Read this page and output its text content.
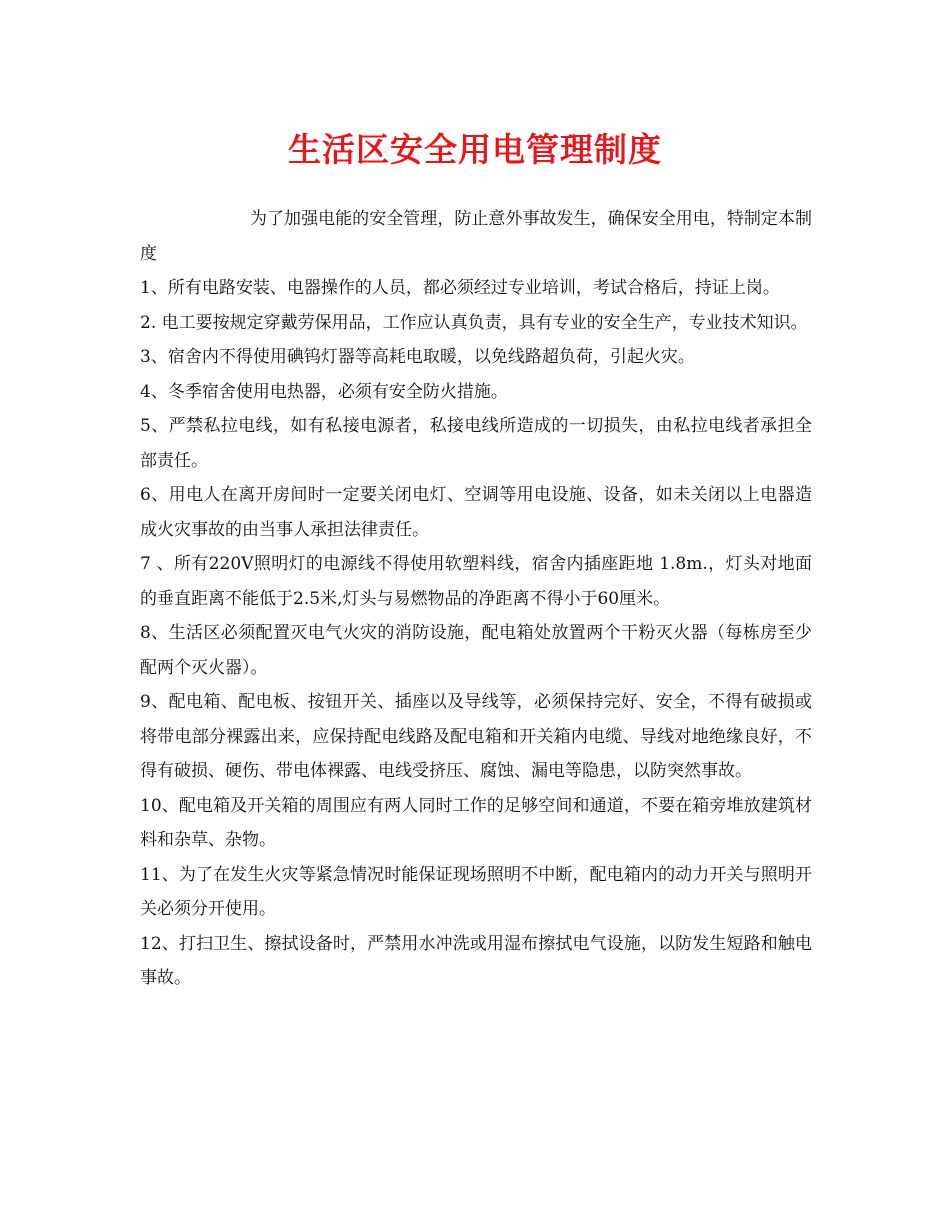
生活区安全用电管理制度

为了加强电能的安全管理，防止意外事故发生，确保安全用电，特制定本制度

1、所有电路安装、电器操作的人员，都必须经过专业培训，考试合格后，持证上岗。

2. 电工要按规定穿戴劳保用品，工作应认真负责，具有专业的安全生产，专业技术知识。

3、宿舍内不得使用碘钨灯器等高耗电取暖，以免线路超负荷，引起火灾。

4、冬季宿舍使用电热器，必须有安全防火措施。

5、严禁私拉电线，如有私接电源者，私接电线所造成的一切损失，由私拉电线者承担全部责任。

6、用电人在离开房间时一定要关闭电灯、空调等用电设施、设备，如未关闭以上电器造成火灾事故的由当事人承担法律责任。

7 、所有220V照明灯的电源线不得使用软塑料线，宿舍内插座距地 1.8m.，灯头对地面的垂直距离不能低于2.5米,灯头与易燃物品的净距离不得小于60厘米。

8、生活区必须配置灭电气火灾的消防设施，配电箱处放置两个干粉灭火器（每栋房至少配两个灭火器）。

9、配电箱、配电板、按钮开关、插座以及导线等，必须保持完好、安全，不得有破损或将带电部分裸露出来，应保持配电线路及配电箱和开关箱内电缆、导线对地绝缘良好，不得有破损、硬伤、带电体裸露、电线受挤压、腐蚀、漏电等隐患，以防突然事故。

10、配电箱及开关箱的周围应有两人同时工作的足够空间和通道，不要在箱旁堆放建筑材料和杂草、杂物。

11、为了在发生火灾等紧急情况时能保证现场照明不中断，配电箱内的动力开关与照明开关必须分开使用。

12、打扫卫生、擦拭设备时，严禁用水冲洗或用湿布擦拭电气设施，以防发生短路和触电事故。
